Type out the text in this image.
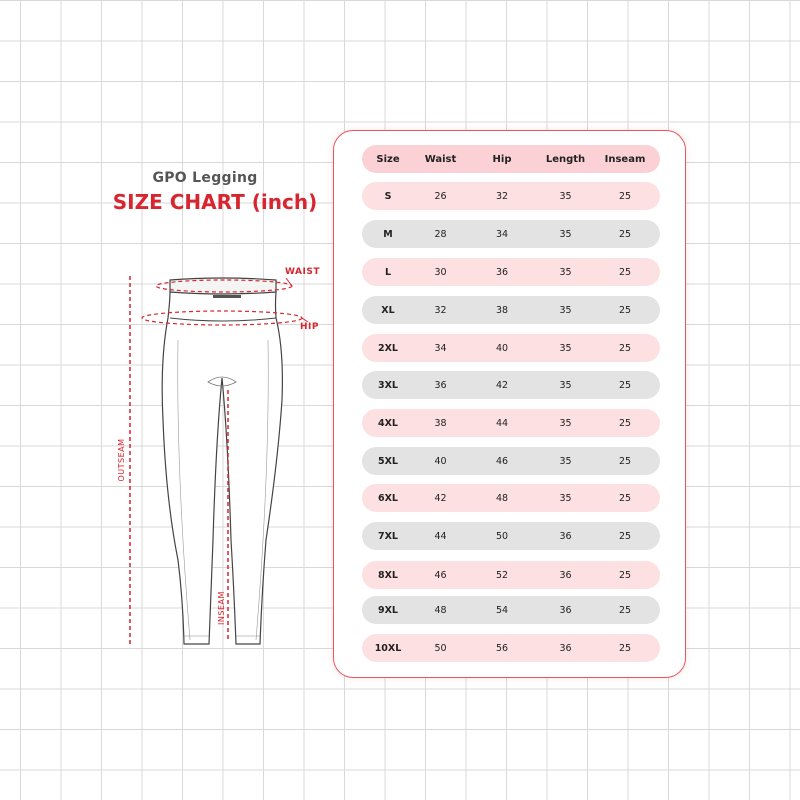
GPO Legging
SIZE CHART (inch)
OUTSEAM
WAIST
HIP
INSEAM
Size	Waist	Hip	Length	Inseam
S	26	32	35	25
M	28	34	35	25
L	30	36	35	25
XL	32	38	35	25
2XL	34	40	35	25
3XL	36	42	35	25
4XL	38	44	35	25
5XL	40	46	35	25
6XL	42	48	35	25
7XL	44	50	36	25
8XL	46	52	36	25
9XL	48	54	36	25
10XL	50	56	36	25
